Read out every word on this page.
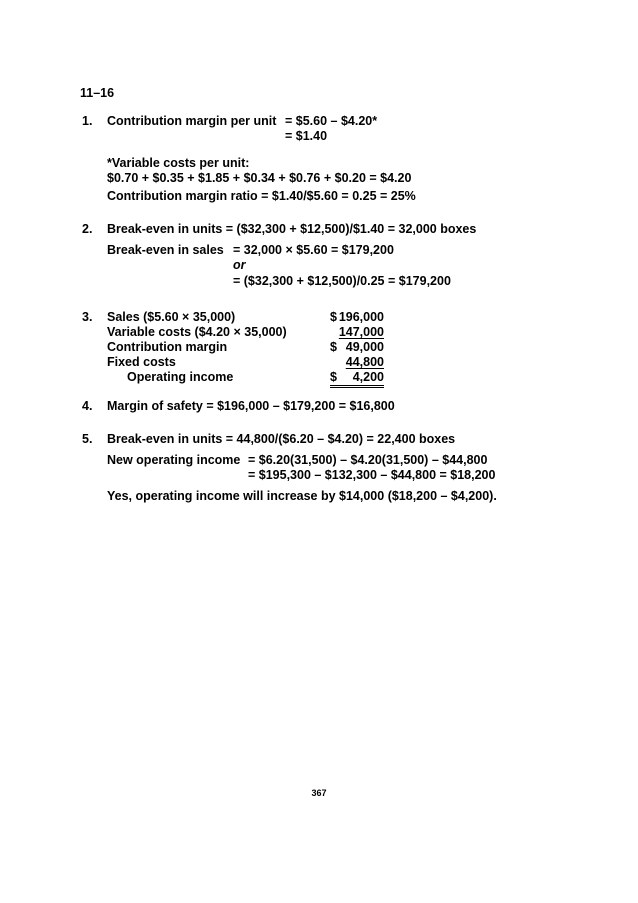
11–16
1. Contribution margin per unit = $5.60 – $4.20*
= $1.40
*Variable costs per unit:
$0.70 + $0.35 + $1.85 + $0.34 + $0.76 + $0.20 = $4.20
Contribution margin ratio = $1.40/$5.60 = 0.25 = 25%
2. Break-even in units = ($32,300 + $12,500)/$1.40 = 32,000 boxes
Break-even in sales = 32,000 × $5.60 = $179,200
or
= ($32,300 + $12,500)/0.25 = $179,200
3. Sales ($5.60 × 35,000)	$ 196,000
Variable costs ($4.20 × 35,000)	147,000
Contribution margin	$ 49,000
Fixed costs	44,800
Operating income	$ 4,200
4. Margin of safety = $196,000 – $179,200 = $16,800
5. Break-even in units = 44,800/($6.20 – $4.20) = 22,400 boxes
New operating income = $6.20(31,500) – $4.20(31,500) – $44,800
= $195,300 – $132,300 – $44,800 = $18,200
Yes, operating income will increase by $14,000 ($18,200 – $4,200).
367
